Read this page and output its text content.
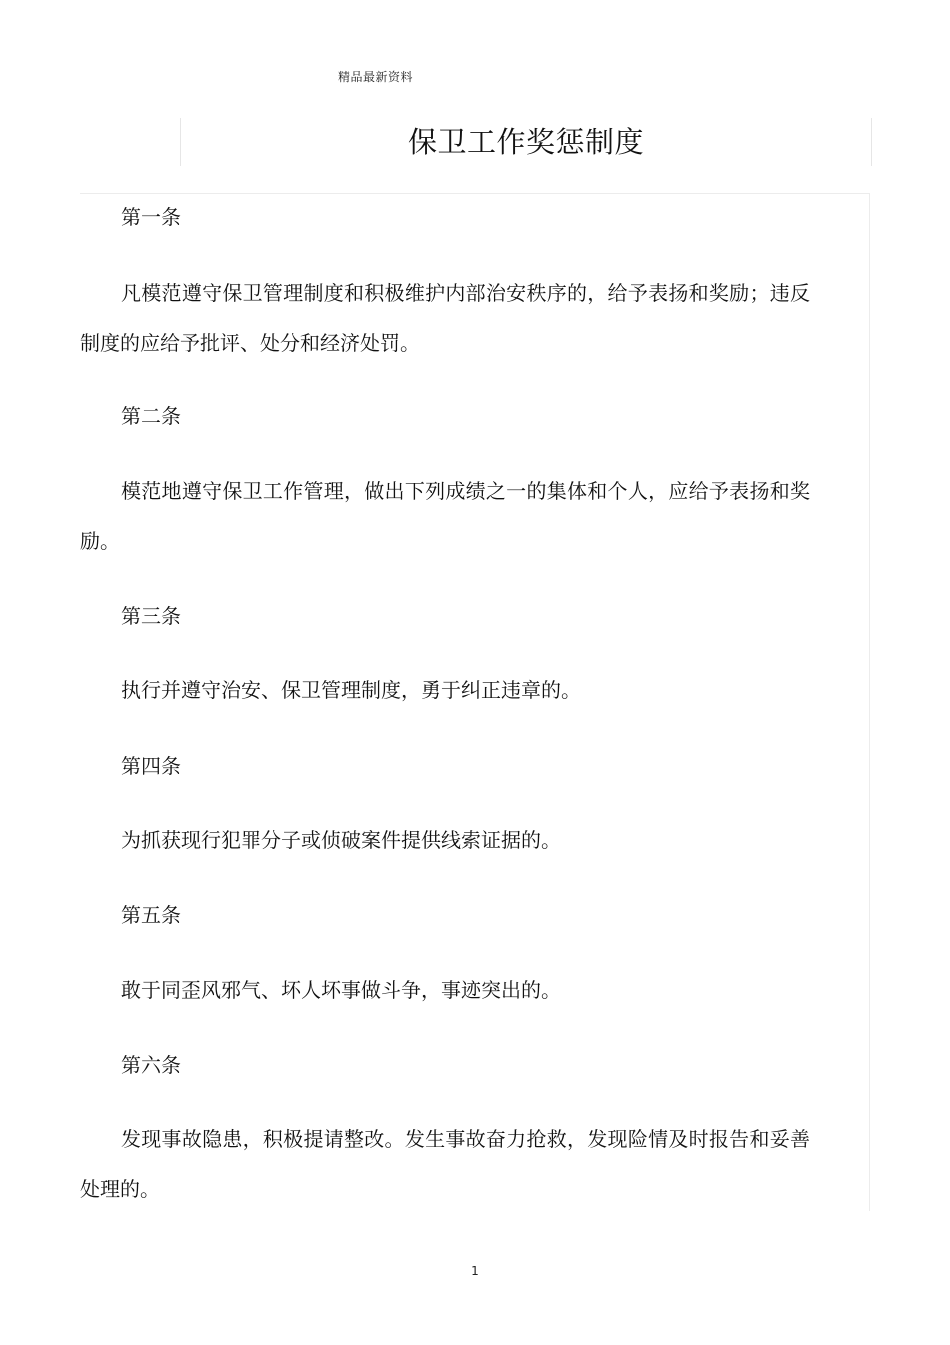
精品最新资料
保卫工作奖惩制度

第一条

凡模范遵守保卫管理制度和积极维护内部治安秩序的，给予表扬和奖励；违反制度的应给予批评、处分和经济处罚。

第二条

模范地遵守保卫工作管理，做出下列成绩之一的集体和个人，应给予表扬和奖励。

第三条

执行并遵守治安、保卫管理制度，勇于纠正违章的。

第四条

为抓获现行犯罪分子或侦破案件提供线索证据的。

第五条

敢于同歪风邪气、坏人坏事做斗争，事迹突出的。

第六条

发现事故隐患，积极提请整改。发生事故奋力抢救，发现险情及时报告和妥善处理的。

1
